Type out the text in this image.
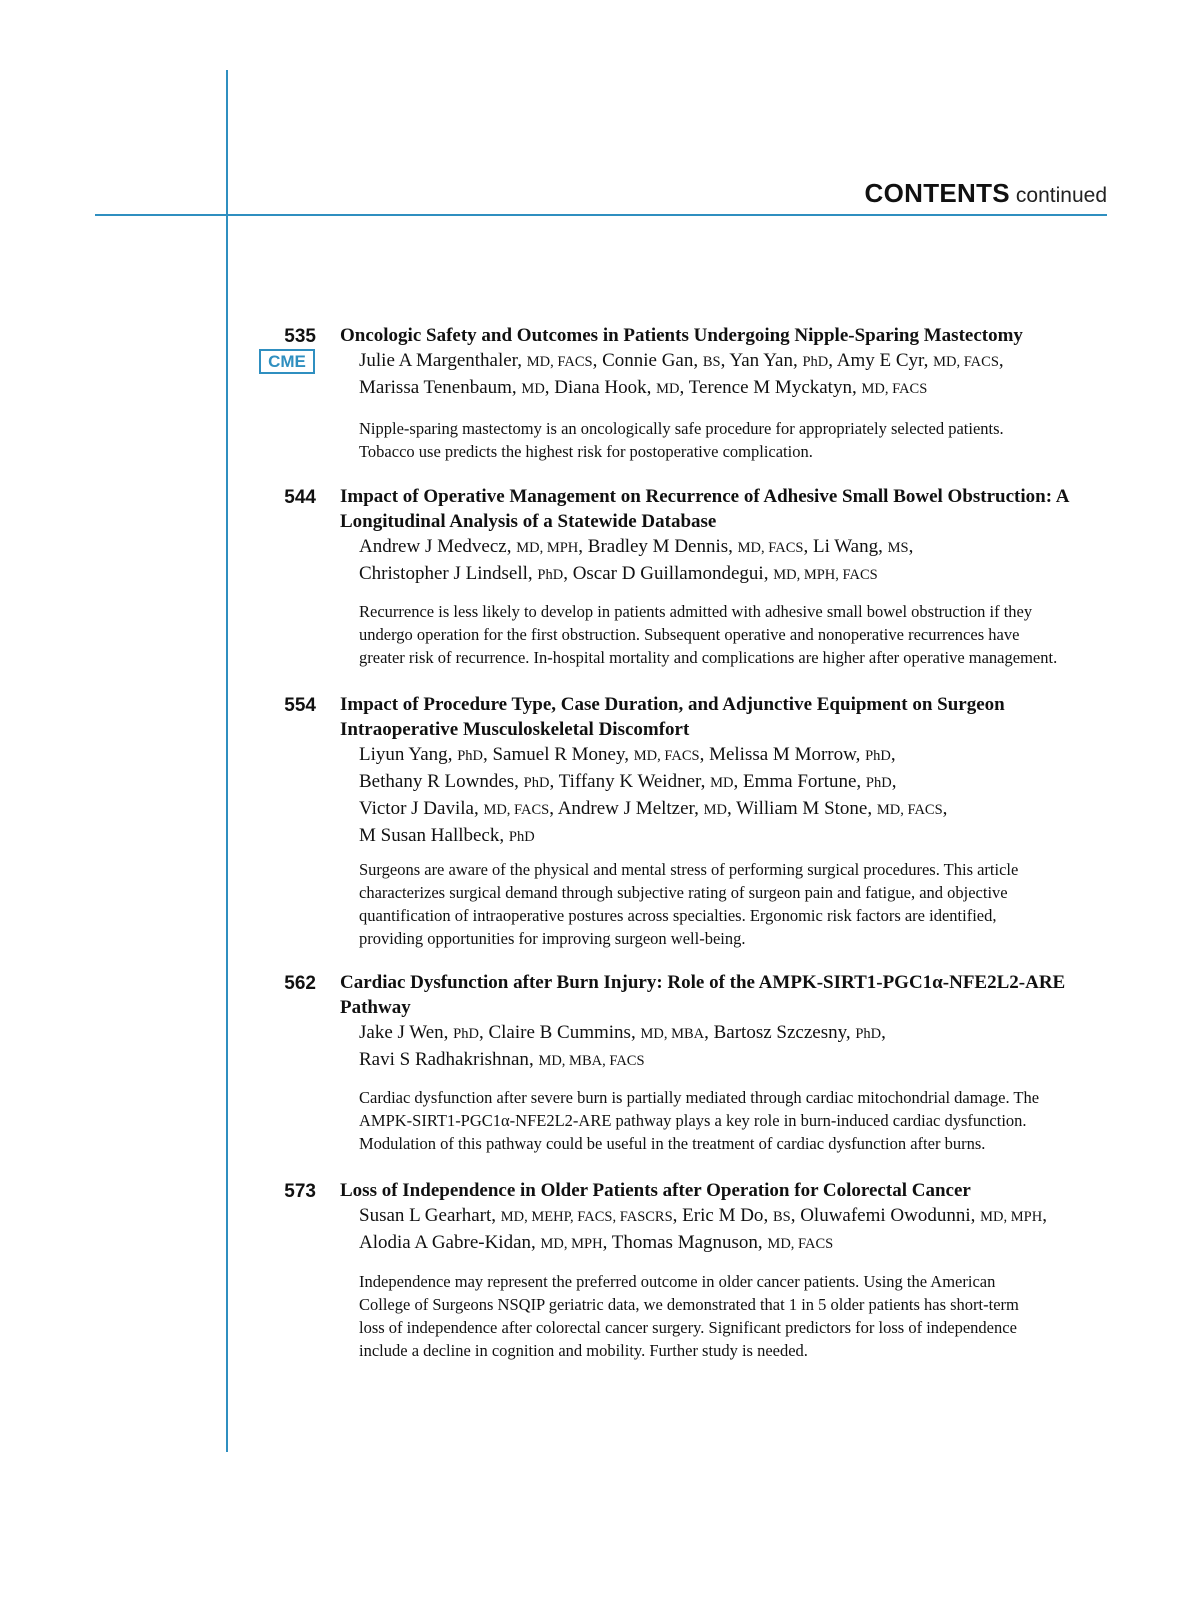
CONTENTS continued
535
CME
Oncologic Safety and Outcomes in Patients Undergoing Nipple-Sparing Mastectomy
Julie A Margenthaler, MD, FACS, Connie Gan, BS, Yan Yan, PhD, Amy E Cyr, MD, FACS,
Marissa Tenenbaum, MD, Diana Hook, MD, Terence M Myckatyn, MD, FACS
Nipple-sparing mastectomy is an oncologically safe procedure for appropriately selected patients.
Tobacco use predicts the highest risk for postoperative complication.
544 Impact of Operative Management on Recurrence of Adhesive Small Bowel Obstruction: A Longitudinal Analysis of a Statewide Database
Andrew J Medvecz, MD, MPH, Bradley M Dennis, MD, FACS, Li Wang, MS,
Christopher J Lindsell, PhD, Oscar D Guillamondegui, MD, MPH, FACS
Recurrence is less likely to develop in patients admitted with adhesive small bowel obstruction if they
undergo operation for the first obstruction. Subsequent operative and nonoperative recurrences have
greater risk of recurrence. In-hospital mortality and complications are higher after operative management.
554 Impact of Procedure Type, Case Duration, and Adjunctive Equipment on Surgeon Intraoperative Musculoskeletal Discomfort
Liyun Yang, PhD, Samuel R Money, MD, FACS, Melissa M Morrow, PhD,
Bethany R Lowndes, PhD, Tiffany K Weidner, MD, Emma Fortune, PhD,
Victor J Davila, MD, FACS, Andrew J Meltzer, MD, William M Stone, MD, FACS,
M Susan Hallbeck, PhD
Surgeons are aware of the physical and mental stress of performing surgical procedures. This article
characterizes surgical demand through subjective rating of surgeon pain and fatigue, and objective
quantification of intraoperative postures across specialties. Ergonomic risk factors are identified,
providing opportunities for improving surgeon well-being.
562 Cardiac Dysfunction after Burn Injury: Role of the AMPK-SIRT1-PGC1α-NFE2L2-ARE Pathway
Jake J Wen, PhD, Claire B Cummins, MD, MBA, Bartosz Szczesny, PhD,
Ravi S Radhakrishnan, MD, MBA, FACS
Cardiac dysfunction after severe burn is partially mediated through cardiac mitochondrial damage. The
AMPK-SIRT1-PGC1α-NFE2L2-ARE pathway plays a key role in burn-induced cardiac dysfunction.
Modulation of this pathway could be useful in the treatment of cardiac dysfunction after burns.
573 Loss of Independence in Older Patients after Operation for Colorectal Cancer
Susan L Gearhart, MD, MEHP, FACS, FASCRS, Eric M Do, BS, Oluwafemi Owodunni, MD, MPH,
Alodia A Gabre-Kidan, MD, MPH, Thomas Magnuson, MD, FACS
Independence may represent the preferred outcome in older cancer patients. Using the American
College of Surgeons NSQIP geriatric data, we demonstrated that 1 in 5 older patients has short-term
loss of independence after colorectal cancer surgery. Significant predictors for loss of independence
include a decline in cognition and mobility. Further study is needed.
